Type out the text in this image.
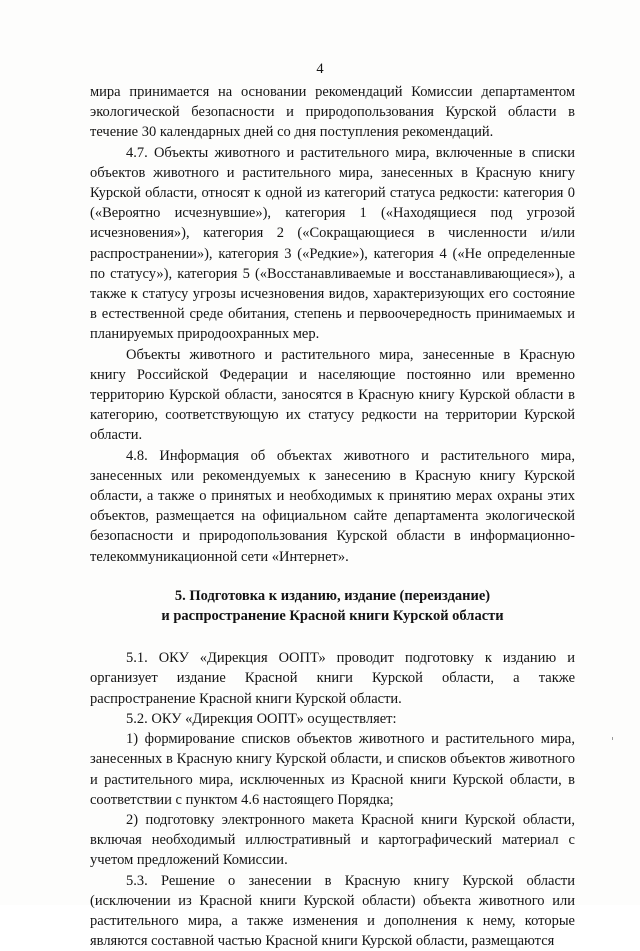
4

мира принимается на основании рекомендаций Комиссии департаментом экологической безопасности и природопользования Курской области в течение 30 календарных дней со дня поступления рекомендаций.

4.7. Объекты животного и растительного мира, включенные в списки объектов животного и растительного мира, занесенных в Красную книгу Курской области, относят к одной из категорий статуса редкости: категория 0 («Вероятно исчезнувшие»), категория 1 («Находящиеся под угрозой исчезновения»), категория 2 («Сокращающиеся в численности и/или распространении»), категория 3 («Редкие»), категория 4 («Не определенные по статусу»), категория 5 («Восстанавливаемые и восстанавливающиеся»), а также к статусу угрозы исчезновения видов, характеризующих его состояние в естественной среде обитания, степень и первоочередность принимаемых и планируемых природоохранных мер.

Объекты животного и растительного мира, занесенные в Красную книгу Российской Федерации и населяющие постоянно или временно территорию Курской области, заносятся в Красную книгу Курской области в категорию, соответствующую их статусу редкости на территории Курской области.

4.8. Информация об объектах животного и растительного мира, занесенных или рекомендуемых к занесению в Красную книгу Курской области, а также о принятых и необходимых к принятию мерах охраны этих объектов, размещается на официальном сайте департамента экологической безопасности и природопользования Курской области в информационно-телекоммуникационной сети «Интернет».

5. Подготовка к изданию, издание (переиздание)
и распространение Красной книги Курской области

5.1. ОКУ «Дирекция ООПТ» проводит подготовку к изданию и организует издание Красной книги Курской области, а также распространение Красной книги Курской области.

5.2. ОКУ «Дирекция ООПТ» осуществляет:

1) формирование списков объектов животного и растительного мира, занесенных в Красную книгу Курской области, и списков объектов животного и растительного мира, исключенных из Красной книги Курской области, в соответствии с пунктом 4.6 настоящего Порядка;

2) подготовку электронного макета Красной книги Курской области, включая необходимый иллюстративный и картографический материал с учетом предложений Комиссии.

5.3. Решение о занесении в Красную книгу Курской области (исключении из Красной книги Курской области) объекта животного или растительного мира, а также изменения и дополнения к нему, которые являются составной частью Красной книги Курской области, размещаются
